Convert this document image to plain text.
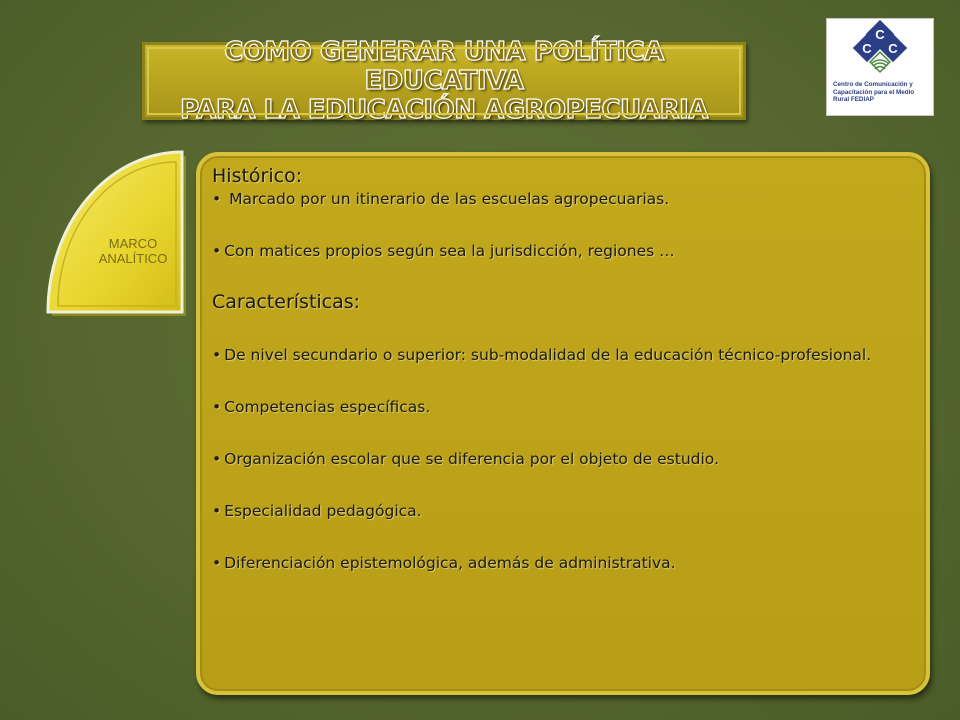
COMO GENERAR UNA POLÍTICA EDUCATIVA
PARA LA EDUCACIÓN AGROPECUARIA
C
C C
Centro de Comunicación y
Capacitación para el Medio
Rural FEDIAP
MARCO
ANALÍTICO

Histórico:

• Marcado por un itinerario de las escuelas agropecuarias.

• Con matices propios según sea la jurisdicción, regiones …

Características:

• De nivel secundario o superior: sub-modalidad de la educación técnico-profesional.

• Competencias específicas.

• Organización escolar que se diferencia por el objeto de estudio.

• Especialidad pedagógica.

• Diferenciación epistemológica, además de administrativa.
